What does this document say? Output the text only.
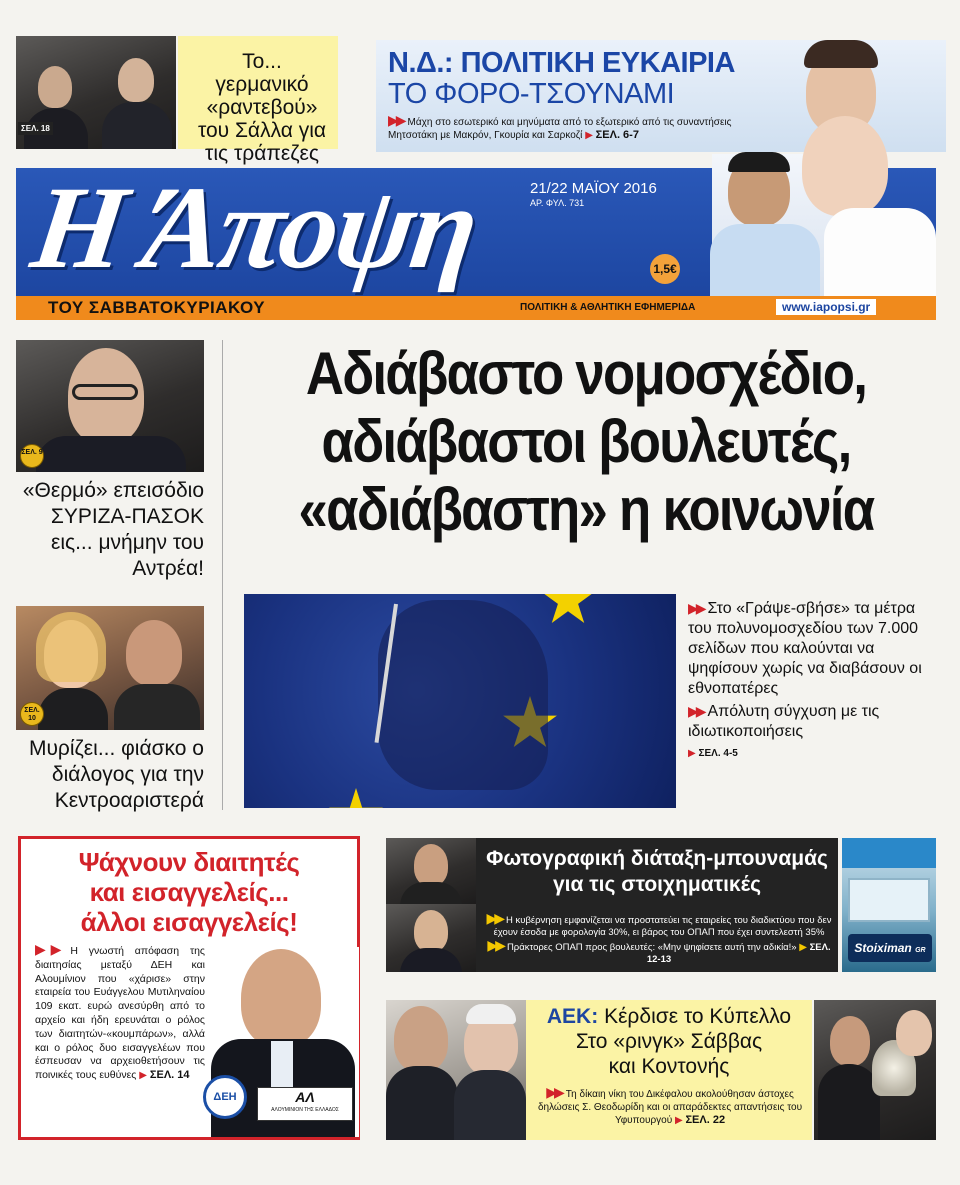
ΣΕΛ. 18
Το... γερμανικό «ραντεβού» του Σάλλα για τις τράπεζες
Ν.Δ.: ΠΟΛΙΤΙΚΗ ΕΥΚΑΙΡΙΑ
ΤΟ ΦΟΡΟ-ΤΣΟΥΝΑΜΙ
▶▶ Μάχη στο εσωτερικό και μηνύματα από το εξωτερικό από τις συναντήσεις Μητσοτάκη με Μακρόν, Γκουρία και Σαρκοζί ▶ ΣΕΛ. 6-7
Η Άποψη	21/22 ΜΑΪΟΥ 2016
ΑΡ. ΦΥΛ. 731
1,5€
ΤΟΥ ΣΑΒΒΑΤΟΚΥΡΙΑΚΟΥ	ΠΟΛΙΤΙΚΗ & ΑΘΛΗΤΙΚΗ ΕΦΗΜΕΡΙΔΑ	www.iapopsi.gr
ΣΕΛ. 9
«Θερμό» επεισόδιο ΣΥΡΙΖΑ-ΠΑΣΟΚ εις... μνήμην του Αντρέα!
ΣΕΛ. 10
Μυρίζει... φιάσκο ο διάλογος για την Κεντροαριστερά
Αδιάβαστο νομοσχέδιο,
αδιάβαστοι βουλευτές,
«αδιάβαστη» η κοινωνία
▶▶ Στο «Γράψε-σβήσε» τα μέτρα του πολυνομοσχεδίου των 7.000 σελίδων που καλούνται να ψηφίσουν χωρίς να διαβάσουν οι εθνοπατέρες
▶▶ Απόλυτη σύγχυση με τις ιδιωτικοποιήσεις
▶ ΣΕΛ. 4-5
Ψάχνουν διαιτητές
και εισαγγελείς...
άλλοι εισαγγελείς!
▶▶ Η γνωστή απόφαση της διαιτησίας μεταξύ ΔΕΗ και Αλουμίνιον που «χάρισε» στην εταιρεία του Ευάγγελου Μυτιληναίου 109 εκατ. ευρώ ανεσύρθη από το αρχείο και ήδη ερευνάται ο ρόλος των διαιτητών-«κουμπάρων», αλλά και ο ρόλος δυο εισαγγελέων που έσπευσαν να αρχειοθετήσουν τις ποινικές τους ευθύνες ▶ ΣΕΛ. 14
ΔΕΗ	ΑΛ
ΑΛΟΥΜΙΝΙΟΝ ΤΗΣ ΕΛΛΑΔΟΣ
Φωτογραφική διάταξη-μπουναμάς
για τις στοιχηματικές
▶▶ Η κυβέρνηση εμφανίζεται να προστατεύει τις εταιρείες του διαδικτύου που δεν έχουν έσοδα με φορολογία 30%, ει βάρος του ΟΠΑΠ που έχει συντελεστή 35% ▶▶ Πράκτορες ΟΠΑΠ προς βουλευτές: «Μην ψηφίσετε αυτή την αδικία!» ▶ ΣΕΛ. 12-13
Stoiximan GR
ΑΕΚ: Κέρδισε το Κύπελλο
Στο «ρινγκ» Σάββας
και Κοντονής
▶▶ Τη δίκαιη νίκη του Δικέφαλου ακολούθησαν άστοχες δηλώσεις Σ. Θεοδωρίδη και οι απαράδεκτες απαντήσεις του Υφυπουργού ▶ ΣΕΛ. 22
